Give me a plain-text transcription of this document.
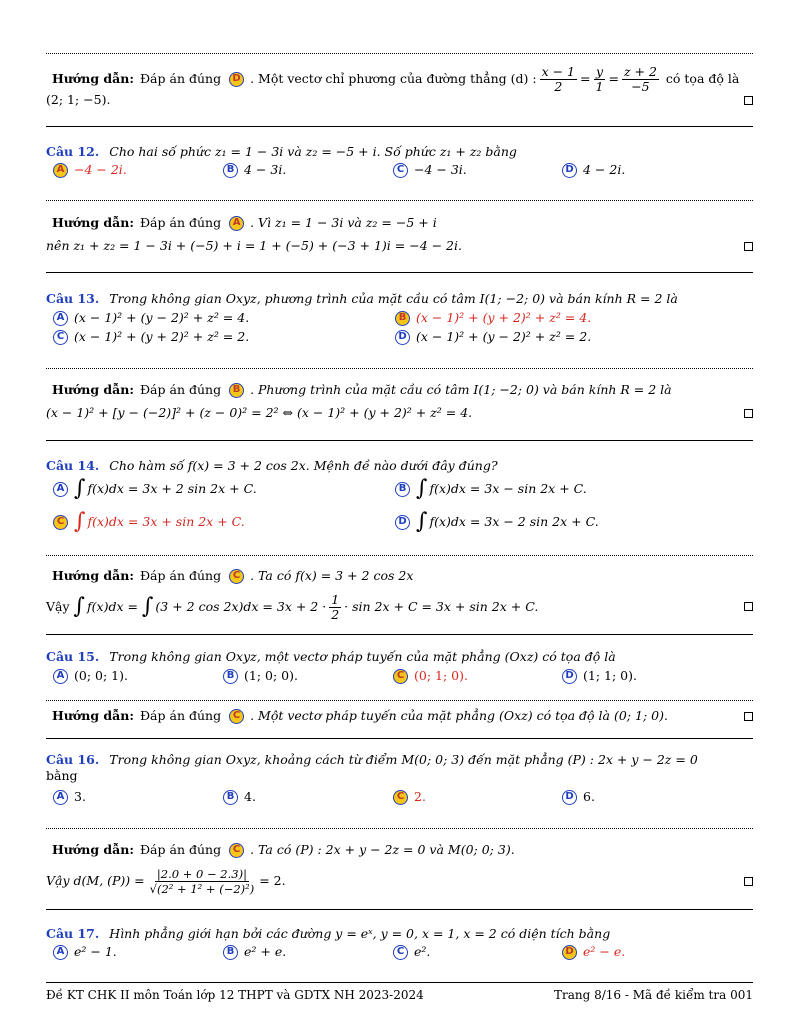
Hướng dẫn: Đáp án đúng	D . Một vectơ chỉ phương của đường thẳng (d) : $\frac{x - 1}{2} = \frac{y}{1} = \frac{z + 2}{-5}$ có tọa độ là
(2; 1; −5).
Câu 12. Cho hai số phức z₁ = 1 − 3i và z₂ = −5 + i. Số phức z₁ + z₂ bằng
A −4 − 2i.	B 4 − 3i.	C −4 − 3i.	D 4 − 2i.
Hướng dẫn: Đáp án đúng	A . Vì z₁ = 1 − 3i và z₂ = −5 + i
nên z₁ + z₂ = 1 − 3i + (−5) + i = 1 + (−5) + (−3 + 1)i = −4 − 2i.
Câu 13. Trong không gian Oxyz, phương trình của mặt cầu có tâm I(1; −2; 0) và bán kính R = 2 là
A (x − 1)² + (y − 2)² + z² = 4.	B (x − 1)² + (y + 2)² + z² = 4.
C (x − 1)² + (y + 2)² + z² = 2.	D (x − 1)² + (y − 2)² + z² = 2.
Hướng dẫn: Đáp án đúng	B . Phương trình của mặt cầu có tâm I(1; −2; 0) và bán kính R = 2 là
(x − 1)² + [y − (−2)]² + (z − 0)² = 2² ⇔ (x − 1)² + (y + 2)² + z² = 4.
Câu 14. Cho hàm số f(x) = 3 + 2 cos 2x. Mệnh đề nào dưới đây đúng?
A ∫ f(x)dx = 3x + 2 sin 2x + C.	B ∫ f(x)dx = 3x − sin 2x + C.
C ∫ f(x)dx = 3x + sin 2x + C.	D ∫ f(x)dx = 3x − 2 sin 2x + C.
Hướng dẫn: Đáp án đúng	C . Ta có f(x) = 3 + 2 cos 2x
Vậy ∫ f(x)dx = ∫ (3 + 2 $\cos 2x)dx = 3x + 2 \cdot \frac{1}{2} \cdot \sin 2x + C = 3x + \sin 2x + C$.
Câu 15. Trong không gian Oxyz, một vectơ pháp tuyến của mặt phẳng (Oxz) có tọa độ là
A (0; 0; 1).	B (1; 0; 0).	C (0; 1; 0).	D (1; 1; 0).
Hướng dẫn: Đáp án đúng	C . Một vectơ pháp tuyến của mặt phẳng (Oxz) có tọa độ là (0; 1; 0).
Câu 16. Trong không gian Oxyz, khoảng cách từ điểm M(0; 0; 3) đến mặt phẳng (P) : 2x + y − 2z = 0
bằng
A 3.	B 4.	C 2.	D 6.
Hướng dẫn: Đáp án đúng	C . Ta có (P) : 2x + y − 2z = 0 và M(0; 0; 3).
Vậy d(M, $(P)) = \frac{|2.0 + 0 - 2.3)|}{\text{√(2² + 1² + (−2)²)}} = 2$.
Câu 17. Hình phẳng giới hạn bởi các đường y = eˣ, y = 0, x = 1, x = 2 có diện tích bằng
A e² − 1.	B e² + e.	C e².	D e² − e.
Đề KT CHK II môn Toán lớp 12 THPT và GDTX NH 2023-2024	Trang 8/16 - Mã đề kiểm tra 001
